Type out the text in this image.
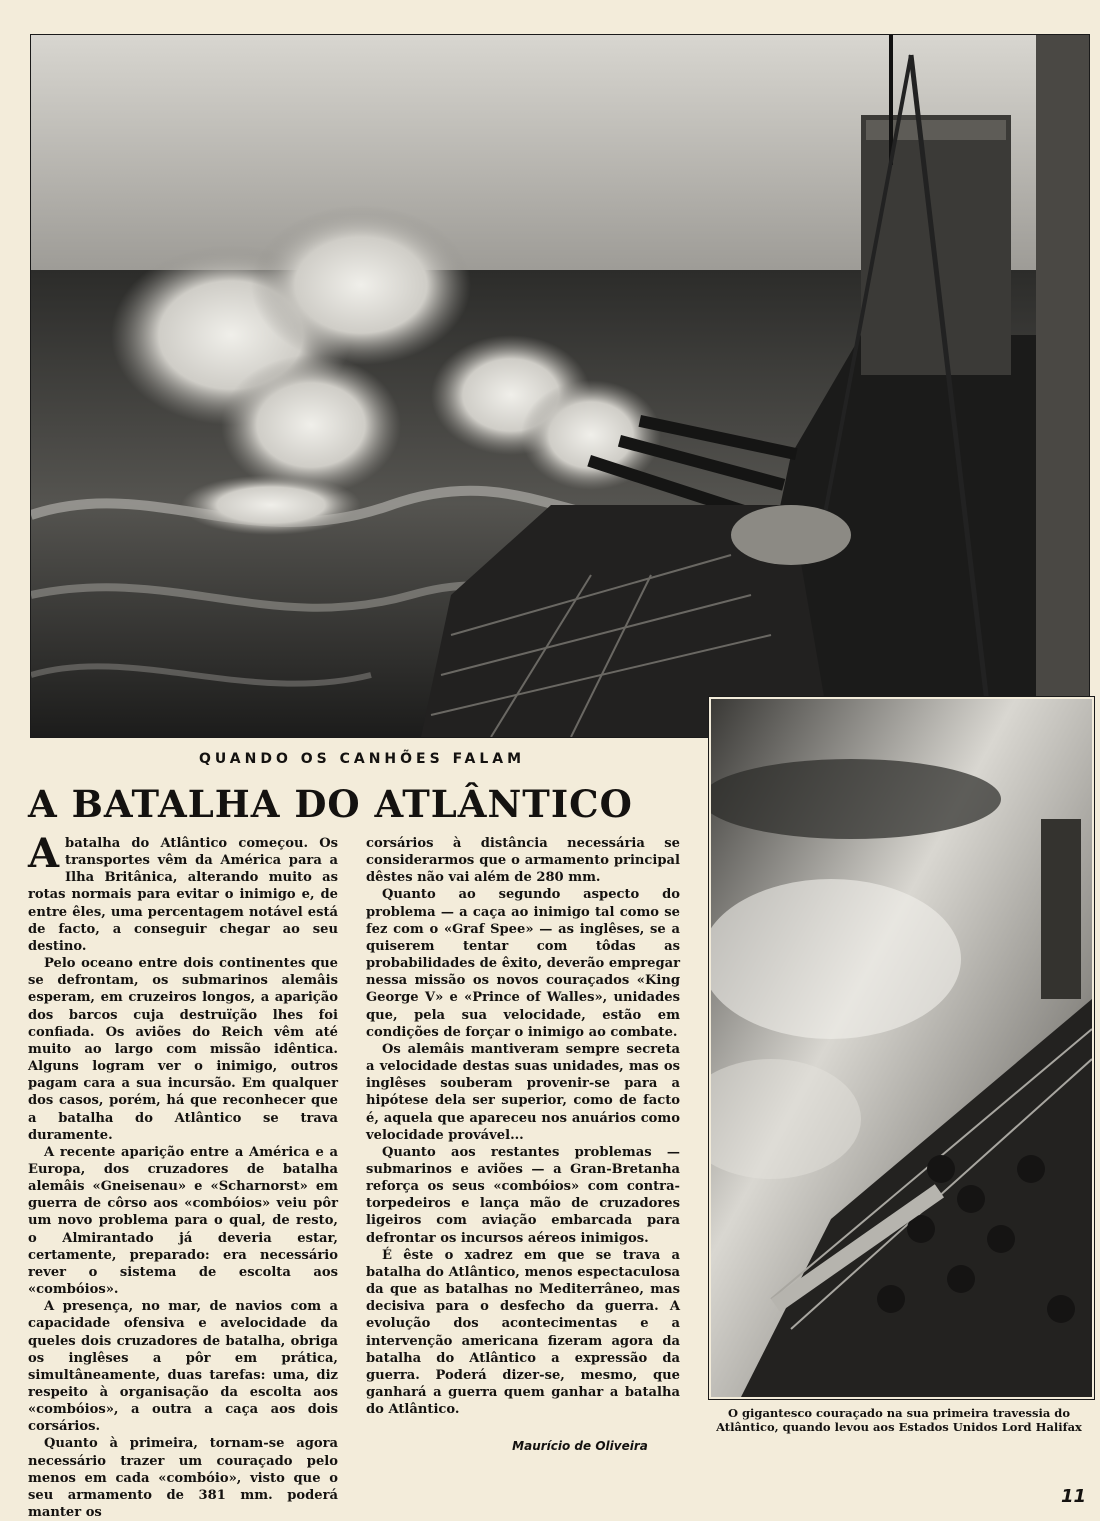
QUANDO OS CANHÕES FALAM
A BATALHA DO ATLÂNTICO

Abatalha do Atlântico começou. Os transportes vêm da América para a Ilha Britânica, alterando muito as rotas normais para evitar o inimigo e, de entre êles, uma percentagem notável está de facto, a conseguir chegar ao seu destino.

Pelo oceano entre dois continentes que se defrontam, os submarinos alemâis esperam, em cruzeiros longos, a aparição dos barcos cuja destruïção lhes foi confiada. Os aviões do Reich vêm até muito ao largo com missão idêntica. Alguns logram ver o inimigo, outros pagam cara a sua incursão. Em qualquer dos casos, porém, há que reconhecer que a batalha do Atlântico se trava duramente.

A recente aparição entre a América e a Europa, dos cruzadores de batalha alemâis «Gneisenau» e «Scharnorst» em guerra de côrso aos «combóios» veiu pôr um novo problema para o qual, de resto, o Almirantado já deveria estar, certamente, preparado: era necessário rever o sistema de escolta aos «combóios».

A presença, no mar, de navios com a capacidade ofensiva e avelocidade da queles dois cruzadores de batalha, obriga os inglêses a pôr em prática, simultâneamente, duas tarefas: uma, diz respeito à organisação da escolta aos «combóios», a outra a caça aos dois corsários.

Quanto à primeira, tornam-se agora necessário trazer um couraçado pelo menos em cada «combóio», visto que o seu armamento de 381 mm. poderá manter os

corsários à distância necessária se considerarmos que o armamento principal dêstes não vai além de 280 mm.

Quanto ao segundo aspecto do problema — a caça ao inimigo tal como se fez com o «Graf Spee» — as inglêses, se a quiserem tentar com tôdas as probabilidades de êxito, deverão empregar nessa missão os novos couraçados «King George V» e «Prince of Walles», unidades que, pela sua velocidade, estão em condições de forçar o inimigo ao combate.

Os alemâis mantiveram sempre secreta a velocidade destas suas unidades, mas os inglêses souberam provenir-se para a hipótese dela ser superior, como de facto é, aquela que apareceu nos anuários como velocidade provável...

Quanto aos restantes problemas — submarinos e aviões — a Gran-Bretanha reforça os seus «combóios» com contra-torpedeiros e lança mão de cruzadores ligeiros com aviação embarcada para defrontar os incursos aéreos inimigos.

É êste o xadrez em que se trava a batalha do Atlântico, menos espectaculosa da que as batalhas no Mediterrâneo, mas decisiva para o desfecho da guerra. A evolução dos acontecimentas e a intervenção americana fizeram agora da batalha do Atlântico a expressão da guerra. Poderá dizer-se, mesmo, que ganhará a guerra quem ganhar a batalha do Atlântico.

Maurício de Oliveira
O gigantesco couraçado na sua primeira travessia do Atlântico, quando levou aos Estados Unidos Lord Halifax
11
